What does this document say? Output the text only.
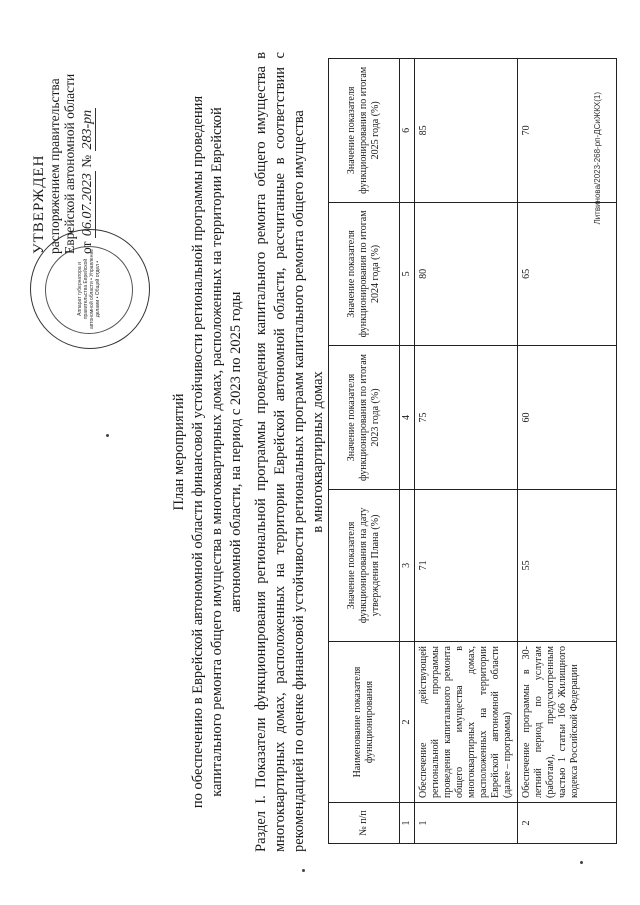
Аппарат губернатора и правительства Еврейской автономной области • Управление делами • Общий отдел •
УТВЕРЖДЕН распоряжением правительства Еврейской автономной области от 06.07.2023 № 283-рп
План мероприятий по обеспечению в Еврейской автономной области финансовой устойчивости региональной программы проведения капитального ремонта общего имущества в многоквартирных домах, расположенных на территории Еврейской автономной области, на период с 2023 по 2025 годы Раздел I. Показатели функционирования региональной программы проведения капитального ремонта общего имущества в многоквартирных домах, расположенных на территории Еврейской автономной области, рассчитанные в соответствии с рекомендацией по оценке финансовой устойчивости региональных программ капитального ремонта общего имущества в многоквартирных домах
№ п/п	Наименование показателя функционирования	Значение показателя функционирования на дату утверждения Плана (%)	Значение показателя функционирования по итогам 2023 года (%)	Значение показателя функционирования по итогам 2024 года (%)	Значение показателя функционирования по итогам 2025 года (%)
1	2	3	4	5	6
1	Обеспечение действующей региональной программы проведения капитального ремонта общего имущества в многоквартирных домах, расположенных на территории Еврейской автономной области (далее – программа)	71	75	80	85
2	Обеспечение программы в 30-летний период по услугам (работам), предусмотренным частью 1 статьи 166 Жилищного кодекса Российской Федерации	55	60	65	70	Литвинова/2023-268-рп-ДСиЖКХ(1)
